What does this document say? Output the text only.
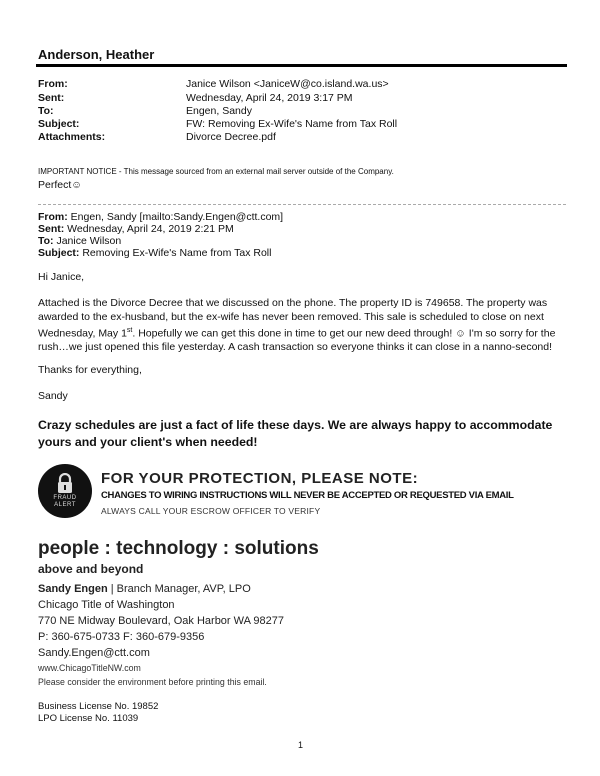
Anderson, Heather
From:	Janice Wilson <JaniceW@co.island.wa.us>
Sent:	Wednesday, April 24, 2019 3:17 PM
To:	Engen, Sandy
Subject:	FW: Removing Ex-Wife's Name from Tax Roll
Attachments:	Divorce Decree.pdf
IMPORTANT NOTICE - This message sourced from an external mail server outside of the Company.
Perfect☺
From: Engen, Sandy [mailto:Sandy.Engen@ctt.com]
Sent: Wednesday, April 24, 2019 2:21 PM
To: Janice Wilson
Subject: Removing Ex-Wife's Name from Tax Roll
Hi Janice,
Attached is the Divorce Decree that we discussed on the phone. The property ID is 749658. The property was awarded to the ex-husband, but the ex-wife has never been removed. This sale is scheduled to close on next Wednesday, May 1st. Hopefully we can get this done in time to get our new deed through! ☺ I'm so sorry for the rush…we just opened this file yesterday. A cash transaction so everyone thinks it can close in a nanno-second!
Thanks for everything,
Sandy
Crazy schedules are just a fact of life these days. We are always happy to accommodate yours and your client's when needed!
FRAUD
ALERT
FOR YOUR PROTECTION, PLEASE NOTE:
CHANGES TO WIRING INSTRUCTIONS WILL NEVER BE ACCEPTED OR REQUESTED VIA EMAIL
ALWAYS CALL YOUR ESCROW OFFICER TO VERIFY
people : technology : solutions
above and beyond
Sandy Engen | Branch Manager, AVP, LPO
Chicago Title of Washington
770 NE Midway Boulevard, Oak Harbor WA 98277
P: 360-675-0733 F: 360-679-9356
Sandy.Engen@ctt.com
www.ChicagoTitleNW.com
Please consider the environment before printing this email.
Business License No. 19852
LPO License No. 11039
1
